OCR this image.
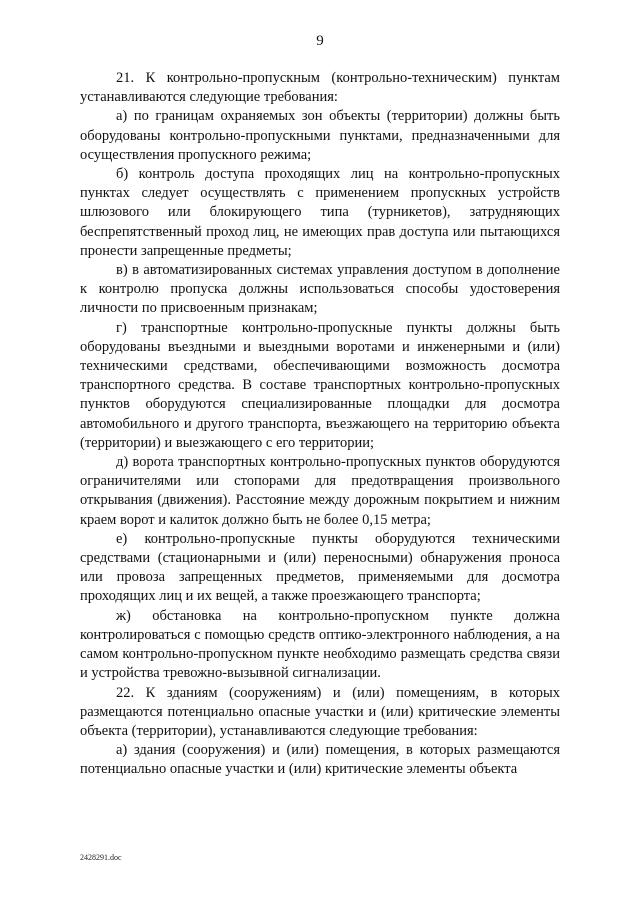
9

21. К контрольно-пропускным (контрольно-техническим) пунктам устанавливаются следующие требования:

а) по границам охраняемых зон объекты (территории) должны быть оборудованы контрольно-пропускными пунктами, предназначенными для осуществления пропускного режима;

б) контроль доступа проходящих лиц на контрольно-пропускных пунктах следует осуществлять с применением пропускных устройств шлюзового или блокирующего типа (турникетов), затрудняющих беспрепятственный проход лиц, не имеющих прав доступа или пытающихся пронести запрещенные предметы;

в) в автоматизированных системах управления доступом в дополнение к контролю пропуска должны использоваться способы удостоверения личности по присвоенным признакам;

г) транспортные контрольно-пропускные пункты должны быть оборудованы въездными и выездными воротами и инженерными и (или) техническими средствами, обеспечивающими возможность досмотра транспортного средства. В составе транспортных контрольно-пропускных пунктов оборудуются специализированные площадки для досмотра автомобильного и другого транспорта, въезжающего на территорию объекта (территории) и выезжающего с его территории;

д) ворота транспортных контрольно-пропускных пунктов оборудуются ограничителями или стопорами для предотвращения произвольного открывания (движения). Расстояние между дорожным покрытием и нижним краем ворот и калиток должно быть не более 0,15 метра;

е) контрольно-пропускные пункты оборудуются техническими средствами (стационарными и (или) переносными) обнаружения проноса или провоза запрещенных предметов, применяемыми для досмотра проходящих лиц и их вещей, а также проезжающего транспорта;

ж) обстановка на контрольно-пропускном пункте должна контролироваться с помощью средств оптико-электронного наблюдения, а на самом контрольно-пропускном пункте необходимо размещать средства связи и устройства тревожно-вызывной сигнализации.

22. К зданиям (сооружениям) и (или) помещениям, в которых размещаются потенциально опасные участки и (или) критические элементы объекта (территории), устанавливаются следующие требования:

а) здания (сооружения) и (или) помещения, в которых размещаются потенциально опасные участки и (или) критические элементы объекта

2428291.doc
